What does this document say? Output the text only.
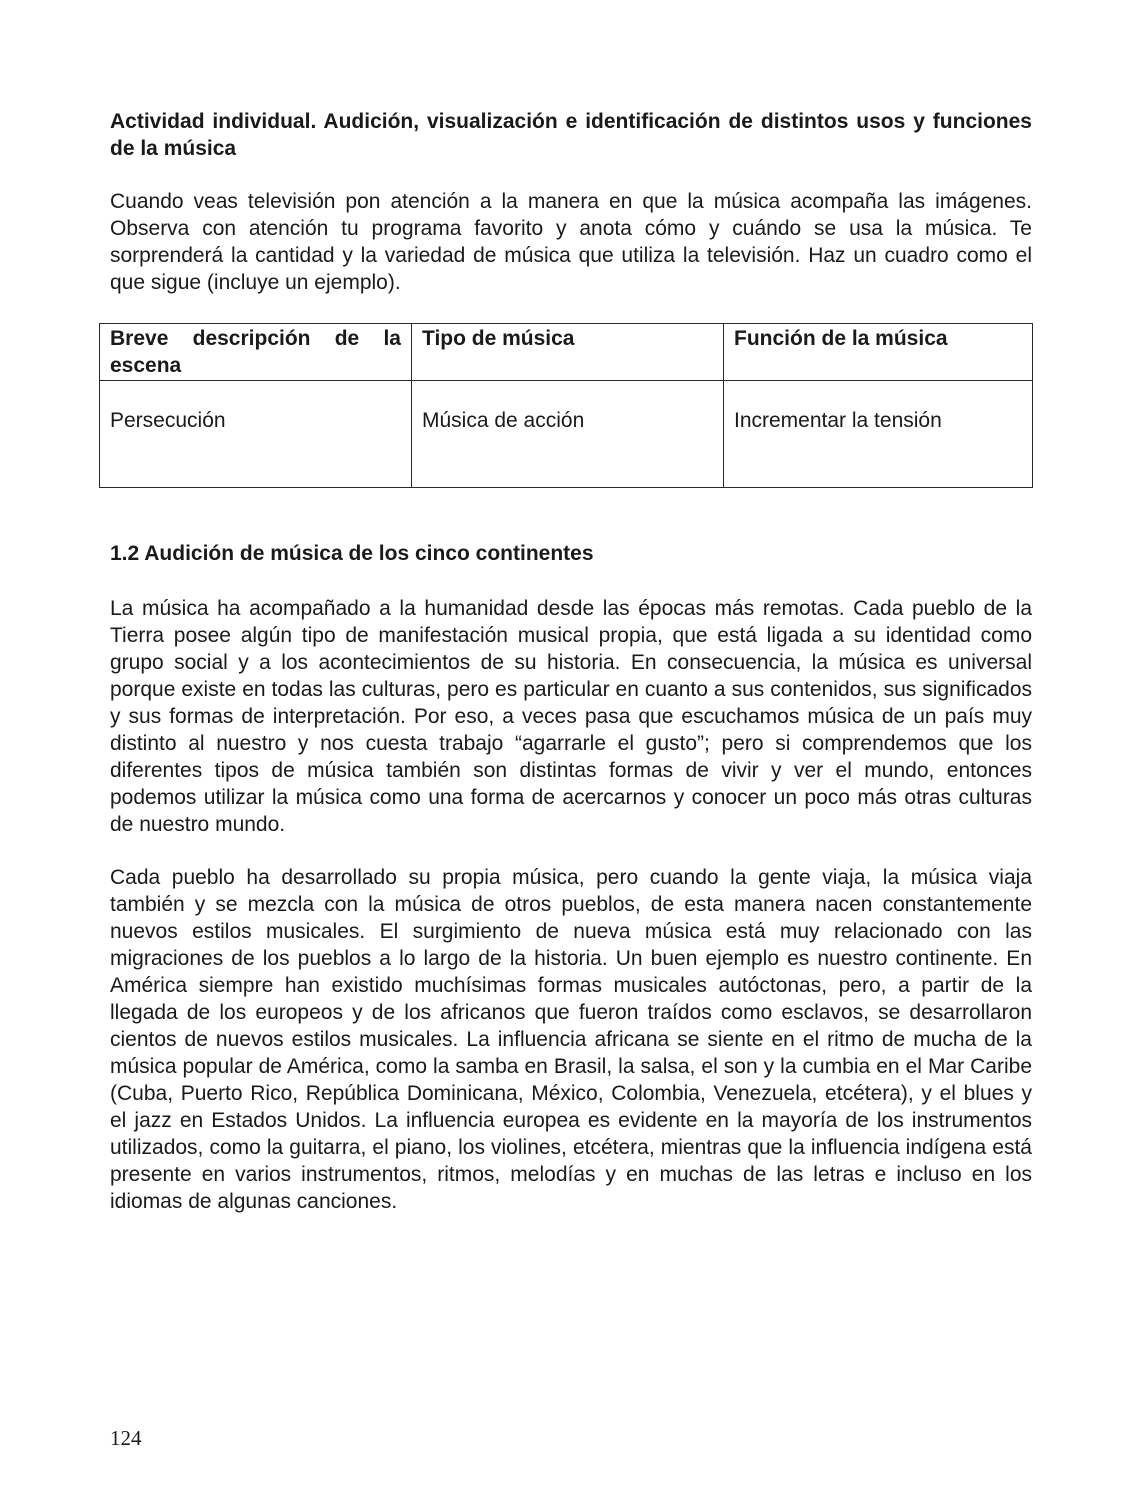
Actividad individual. Audición, visualización e identificación de distintos usos y funciones de la música

Cuando veas televisión pon atención a la manera en que la música acompaña las imágenes. Observa con atención tu programa favorito y anota cómo y cuándo se usa la música. Te sorprenderá la cantidad y la variedad de música que utiliza la televisión. Haz un cuadro como el que sigue (incluye un ejemplo).

Breve descripción de la escena	Tipo de música	Función de la música
Persecución	Música de acción	Incrementar la tensión
1.2 Audición de música de los cinco continentes

La música ha acompañado a la humanidad desde las épocas más remotas. Cada pueblo de la Tierra posee algún tipo de manifestación musical propia, que está ligada a su identidad como grupo social y a los acontecimientos de su historia. En consecuencia, la música es universal porque existe en todas las culturas, pero es particular en cuanto a sus contenidos, sus significados y sus formas de interpretación. Por eso, a veces pasa que escuchamos música de un país muy distinto al nuestro y nos cuesta trabajo “agarrarle el gusto”; pero si comprendemos que los diferentes tipos de música también son distintas formas de vivir y ver el mundo, entonces podemos utilizar la música como una forma de acercarnos y conocer un poco más otras culturas de nuestro mundo.

Cada pueblo ha desarrollado su propia música, pero cuando la gente viaja, la música viaja también y se mezcla con la música de otros pueblos, de esta manera nacen constantemente nuevos estilos musicales. El surgimiento de nueva música está muy relacionado con las migraciones de los pueblos a lo largo de la historia. Un buen ejemplo es nuestro continente. En América siempre han existido muchísimas formas musicales autóctonas, pero, a partir de la llegada de los europeos y de los africanos que fueron traídos como esclavos, se desarrollaron cientos de nuevos estilos musicales. La influencia africana se siente en el ritmo de mucha de la música popular de América, como la samba en Brasil, la salsa, el son y la cumbia en el Mar Caribe (Cuba, Puerto Rico, República Dominicana, México, Colombia, Venezuela, etcétera), y el blues y el jazz en Estados Unidos. La influencia europea es evidente en la mayoría de los instrumentos utilizados, como la guitarra, el piano, los violines, etcétera, mientras que la influencia indígena está presente en varios instrumentos, ritmos, melodías y en muchas de las letras e incluso en los idiomas de algunas canciones.

124
